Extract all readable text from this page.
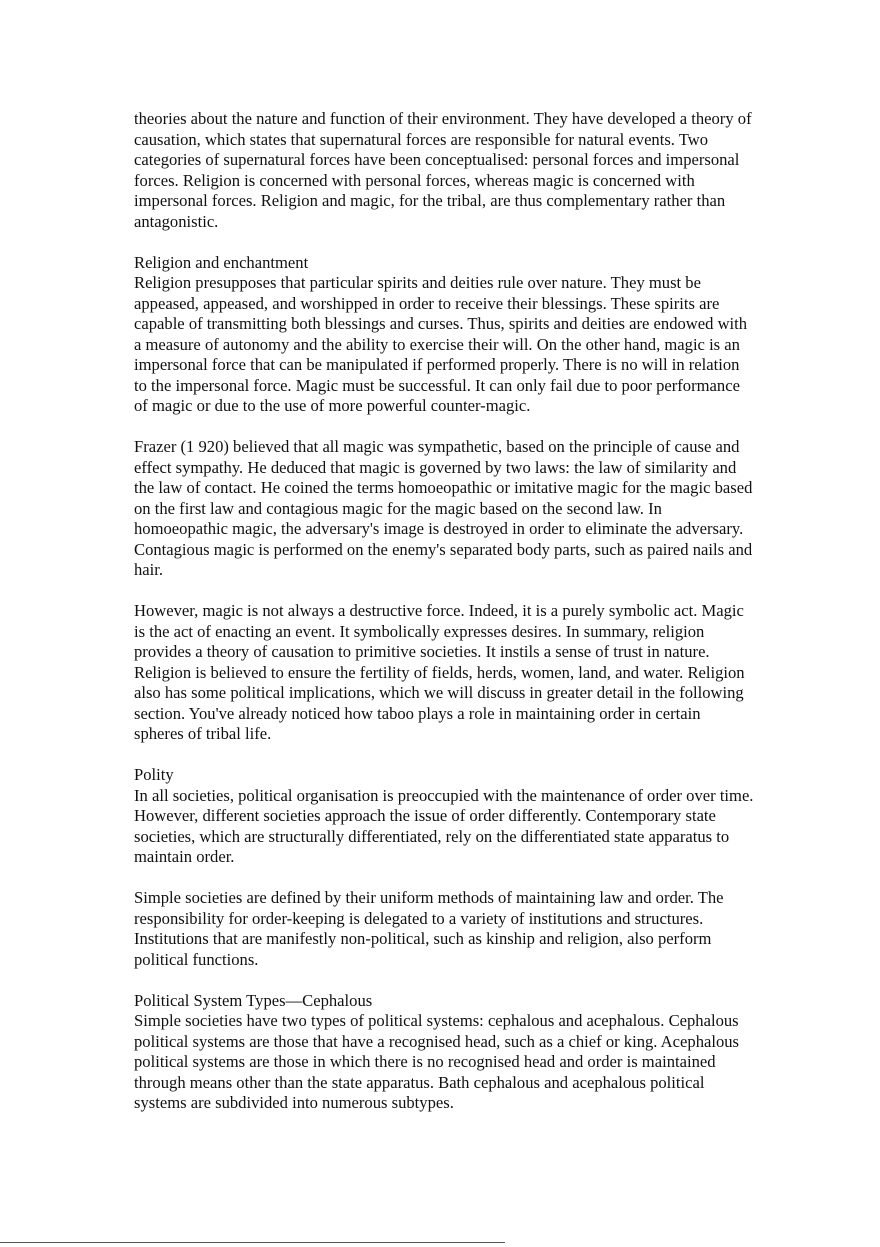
theories about the nature and function of their environment. They have developed a theory of causation, which states that supernatural forces are responsible for natural events. Two categories of supernatural forces have been conceptualised: personal forces and impersonal forces. Religion is concerned with personal forces, whereas magic is concerned with impersonal forces. Religion and magic, for the tribal, are thus complementary rather than antagonistic.

Religion and enchantment

Religion presupposes that particular spirits and deities rule over nature. They must be appeased, appeased, and worshipped in order to receive their blessings. These spirits are capable of transmitting both blessings and curses. Thus, spirits and deities are endowed with a measure of autonomy and the ability to exercise their will. On the other hand, magic is an impersonal force that can be manipulated if performed properly. There is no will in relation to the impersonal force. Magic must be successful. It can only fail due to poor performance of magic or due to the use of more powerful counter-magic.

Frazer (1 920) believed that all magic was sympathetic, based on the principle of cause and effect sympathy. He deduced that magic is governed by two laws: the law of similarity and the law of contact. He coined the terms homoeopathic or imitative magic for the magic based on the first law and contagious magic for the magic based on the second law. In homoeopathic magic, the adversary's image is destroyed in order to eliminate the adversary. Contagious magic is performed on the enemy's separated body parts, such as paired nails and hair.

However, magic is not always a destructive force. Indeed, it is a purely symbolic act. Magic is the act of enacting an event. It symbolically expresses desires. In summary, religion provides a theory of causation to primitive societies. It instils a sense of trust in nature. Religion is believed to ensure the fertility of fields, herds, women, land, and water. Religion also has some political implications, which we will discuss in greater detail in the following section. You've already noticed how taboo plays a role in maintaining order in certain spheres of tribal life.

Polity

In all societies, political organisation is preoccupied with the maintenance of order over time. However, different societies approach the issue of order differently. Contemporary state societies, which are structurally differentiated, rely on the differentiated state apparatus to maintain order.

Simple societies are defined by their uniform methods of maintaining law and order. The responsibility for order-keeping is delegated to a variety of institutions and structures. Institutions that are manifestly non-political, such as kinship and religion, also perform political functions.

Political System Types—Cephalous

Simple societies have two types of political systems: cephalous and acephalous. Cephalous political systems are those that have a recognised head, such as a chief or king. Acephalous political systems are those in which there is no recognised head and order is maintained through means other than the state apparatus. Bath cephalous and acephalous political systems are subdivided into numerous subtypes.
